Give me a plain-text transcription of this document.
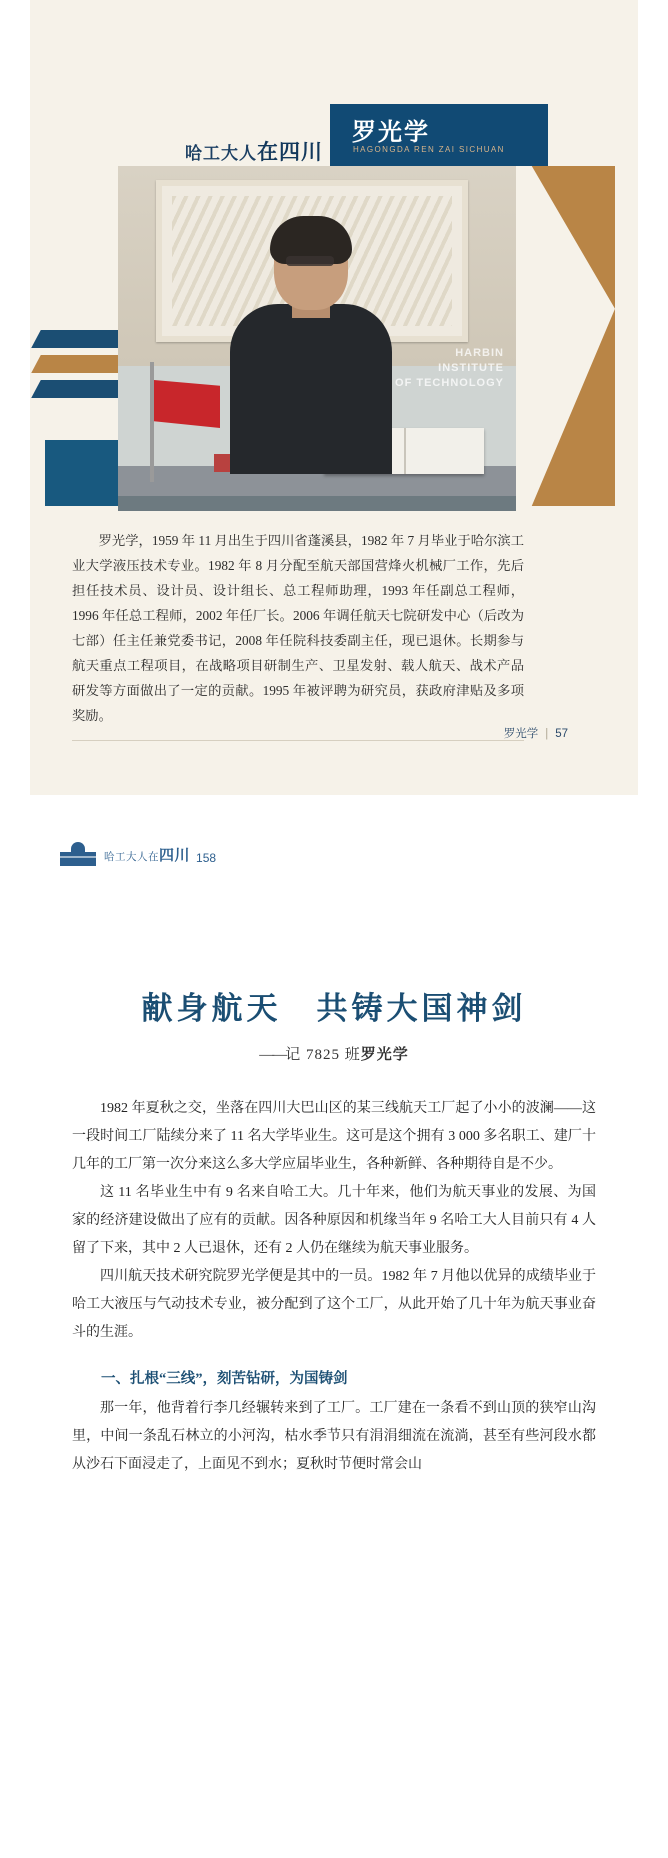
哈工大人在四川
罗光学
HAGONGDA REN ZAI SICHUAN
HARBIN
INSTITUTE
OF TECHNOLOGY
罗光学，1959 年 11 月出生于四川省蓬溪县，1982 年 7 月毕业于哈尔滨工业大学液压技术专业。1982 年 8 月分配至航天部国营烽火机械厂工作，先后担任技术员、设计员、设计组长、总工程师助理，1993 年任副总工程师，1996 年任总工程师，2002 年任厂长。2006 年调任航天七院研发中心（后改为七部）任主任兼党委书记，2008 年任院科技委副主任，现已退休。长期参与航天重点工程项目，在战略项目研制生产、卫星发射、载人航天、战术产品研发等方面做出了一定的贡献。1995 年被评聘为研究员，获政府津贴及多项奖励。
罗光学 | 57
哈工大人在四川 158
献身航天　共铸大国神剑
——记 7825 班罗光学

1982 年夏秋之交，坐落在四川大巴山区的某三线航天工厂起了小小的波澜——这一段时间工厂陆续分来了 11 名大学毕业生。这可是这个拥有 3 000 多名职工、建厂十几年的工厂第一次分来这么多大学应届毕业生，各种新鲜、各种期待自是不少。

这 11 名毕业生中有 9 名来自哈工大。几十年来，他们为航天事业的发展、为国家的经济建设做出了应有的贡献。因各种原因和机缘当年 9 名哈工大人目前只有 4 人留了下来，其中 2 人已退休，还有 2 人仍在继续为航天事业服务。

四川航天技术研究院罗光学便是其中的一员。1982 年 7 月他以优异的成绩毕业于哈工大液压与气动技术专业，被分配到了这个工厂，从此开始了几十年为航天事业奋斗的生涯。

一、扎根“三线”，刻苦钻研，为国铸剑

那一年，他背着行李几经辗转来到了工厂。工厂建在一条看不到山顶的狭窄山沟里，中间一条乱石林立的小河沟，枯水季节只有涓涓细流在流淌，甚至有些河段水都从沙石下面浸走了，上面见不到水；夏秋时节便时常会山
